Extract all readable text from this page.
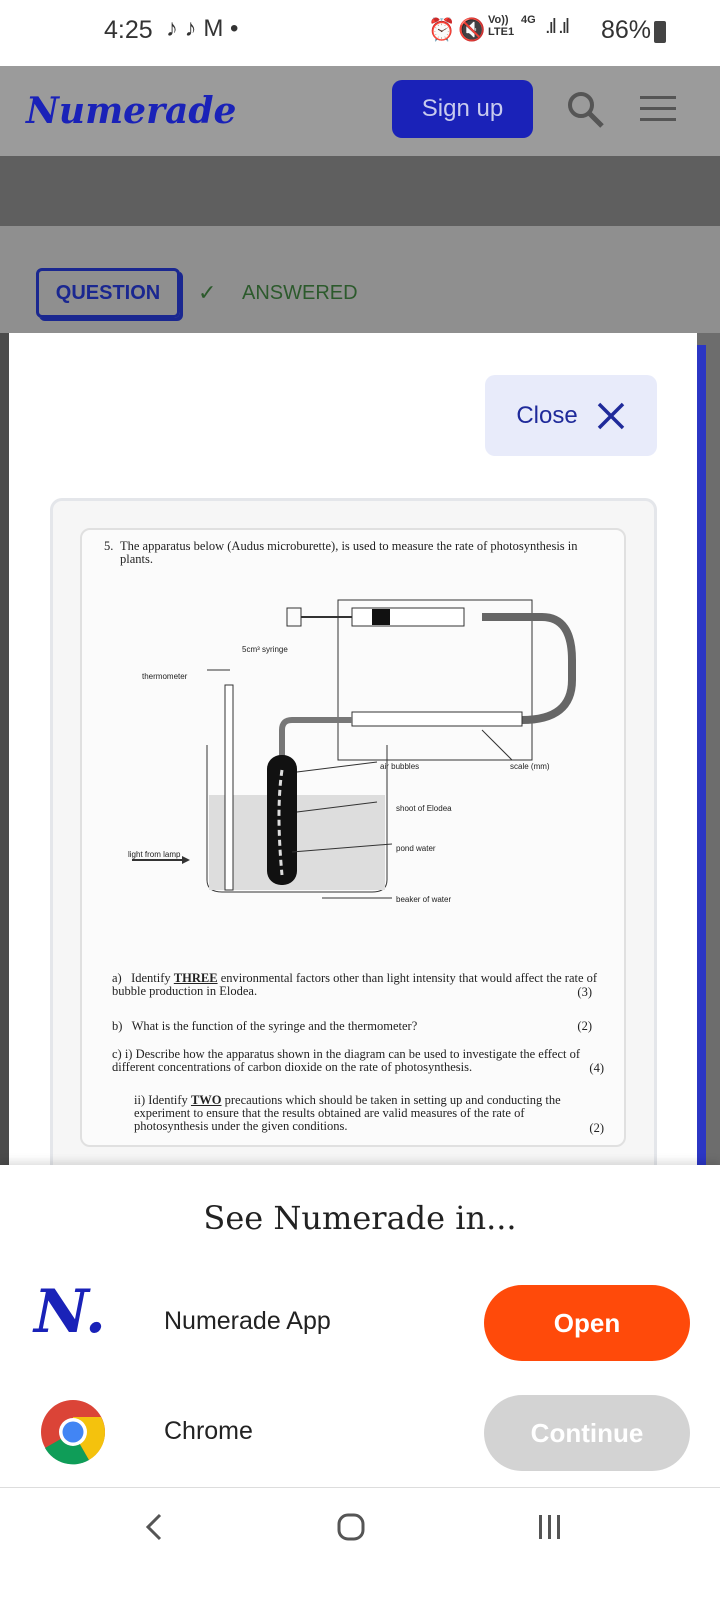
4:25 ♪ ♪ M •	⏰ 🔇 Vo))
LTE1
4G .ıl .ıl 86%
Numerade	Sign up
QUESTION	✓ ANSWERED
Close
5. The apparatus below (Audus microburette), is used to measure the rate of photosynthesis in plants.
5cm³ syringe
thermometer
air bubbles	scale (mm)
shoot of Elodea
pond water
light from lamp
beaker of water
a) Identify THREE environmental factors other than light intensity that would affect the rate of bubble production in Elodea.	(3)
b) What is the function of the syringe and the thermometer?	(2)
c) i) Describe how the apparatus shown in the diagram can be used to investigate the effect of different concentrations of carbon dioxide on the rate of photosynthesis.	(4)
ii) Identify TWO precautions which should be taken in setting up and conducting the experiment to ensure that the results obtained are valid measures of the rate of photosynthesis under the given conditions.	(2)
See Numerade in...
N. Numerade App	Open
Chrome	Continue
